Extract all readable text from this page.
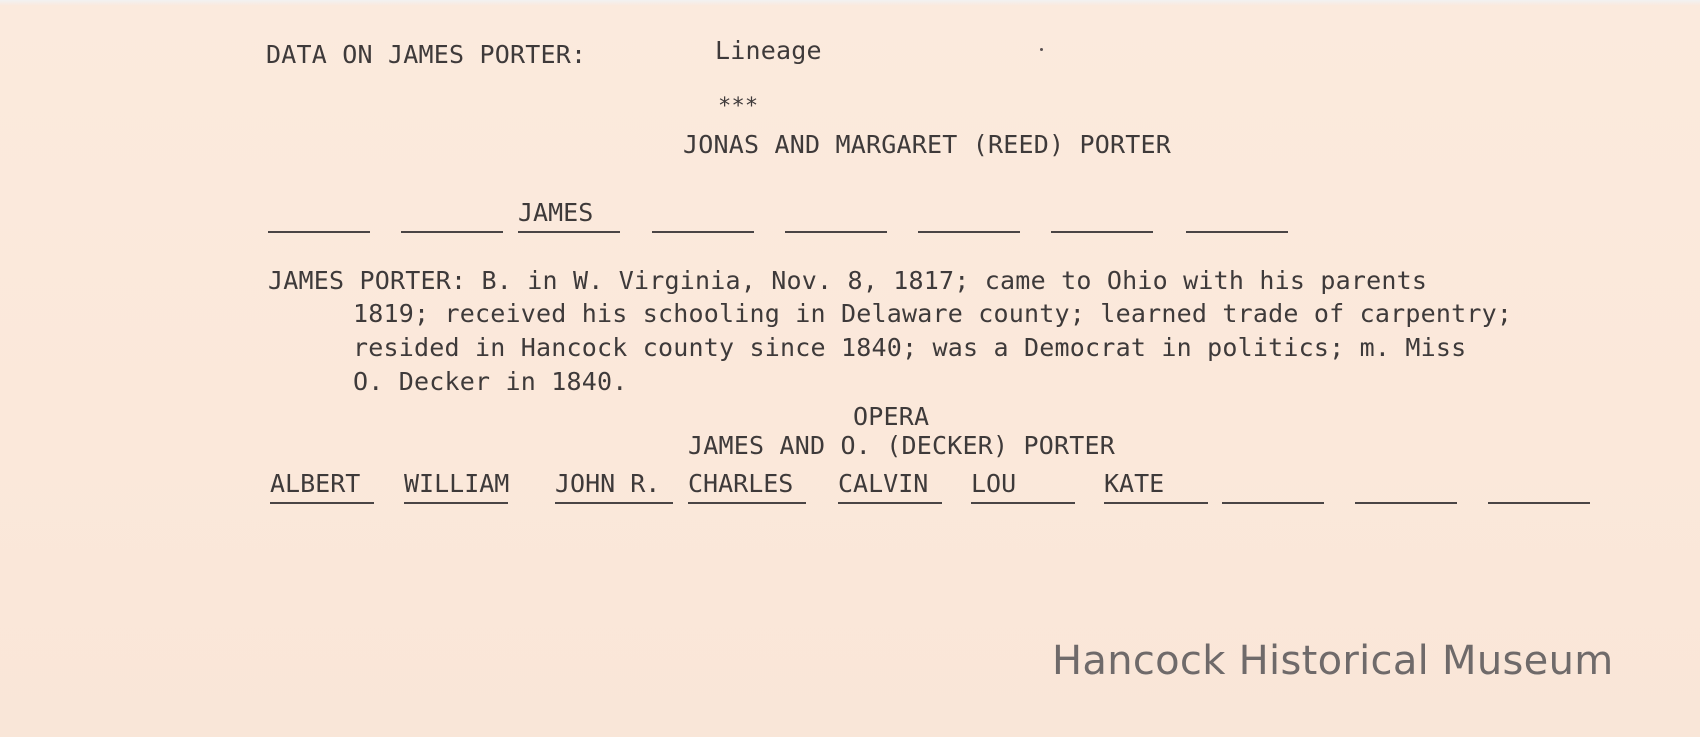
DATA ON JAMES PORTER:	Lineage
***
JONAS AND MARGARET (REED) PORTER

JAMES

JAMES PORTER: B. in W. Virginia, Nov. 8, 1817; came to Ohio with his parents
1819; received his schooling in Delaware county; learned trade of carpentry;
resided in Hancock county since 1840; was a Democrat in politics; m. Miss
O. Decker in 1840.
OPERA
JAMES AND O. (DECKER) PORTER
ALBERT	WILLIAM JOHN R.	CHARLES	CALVIN	LOU	KATE

Hancock Historical Museum
